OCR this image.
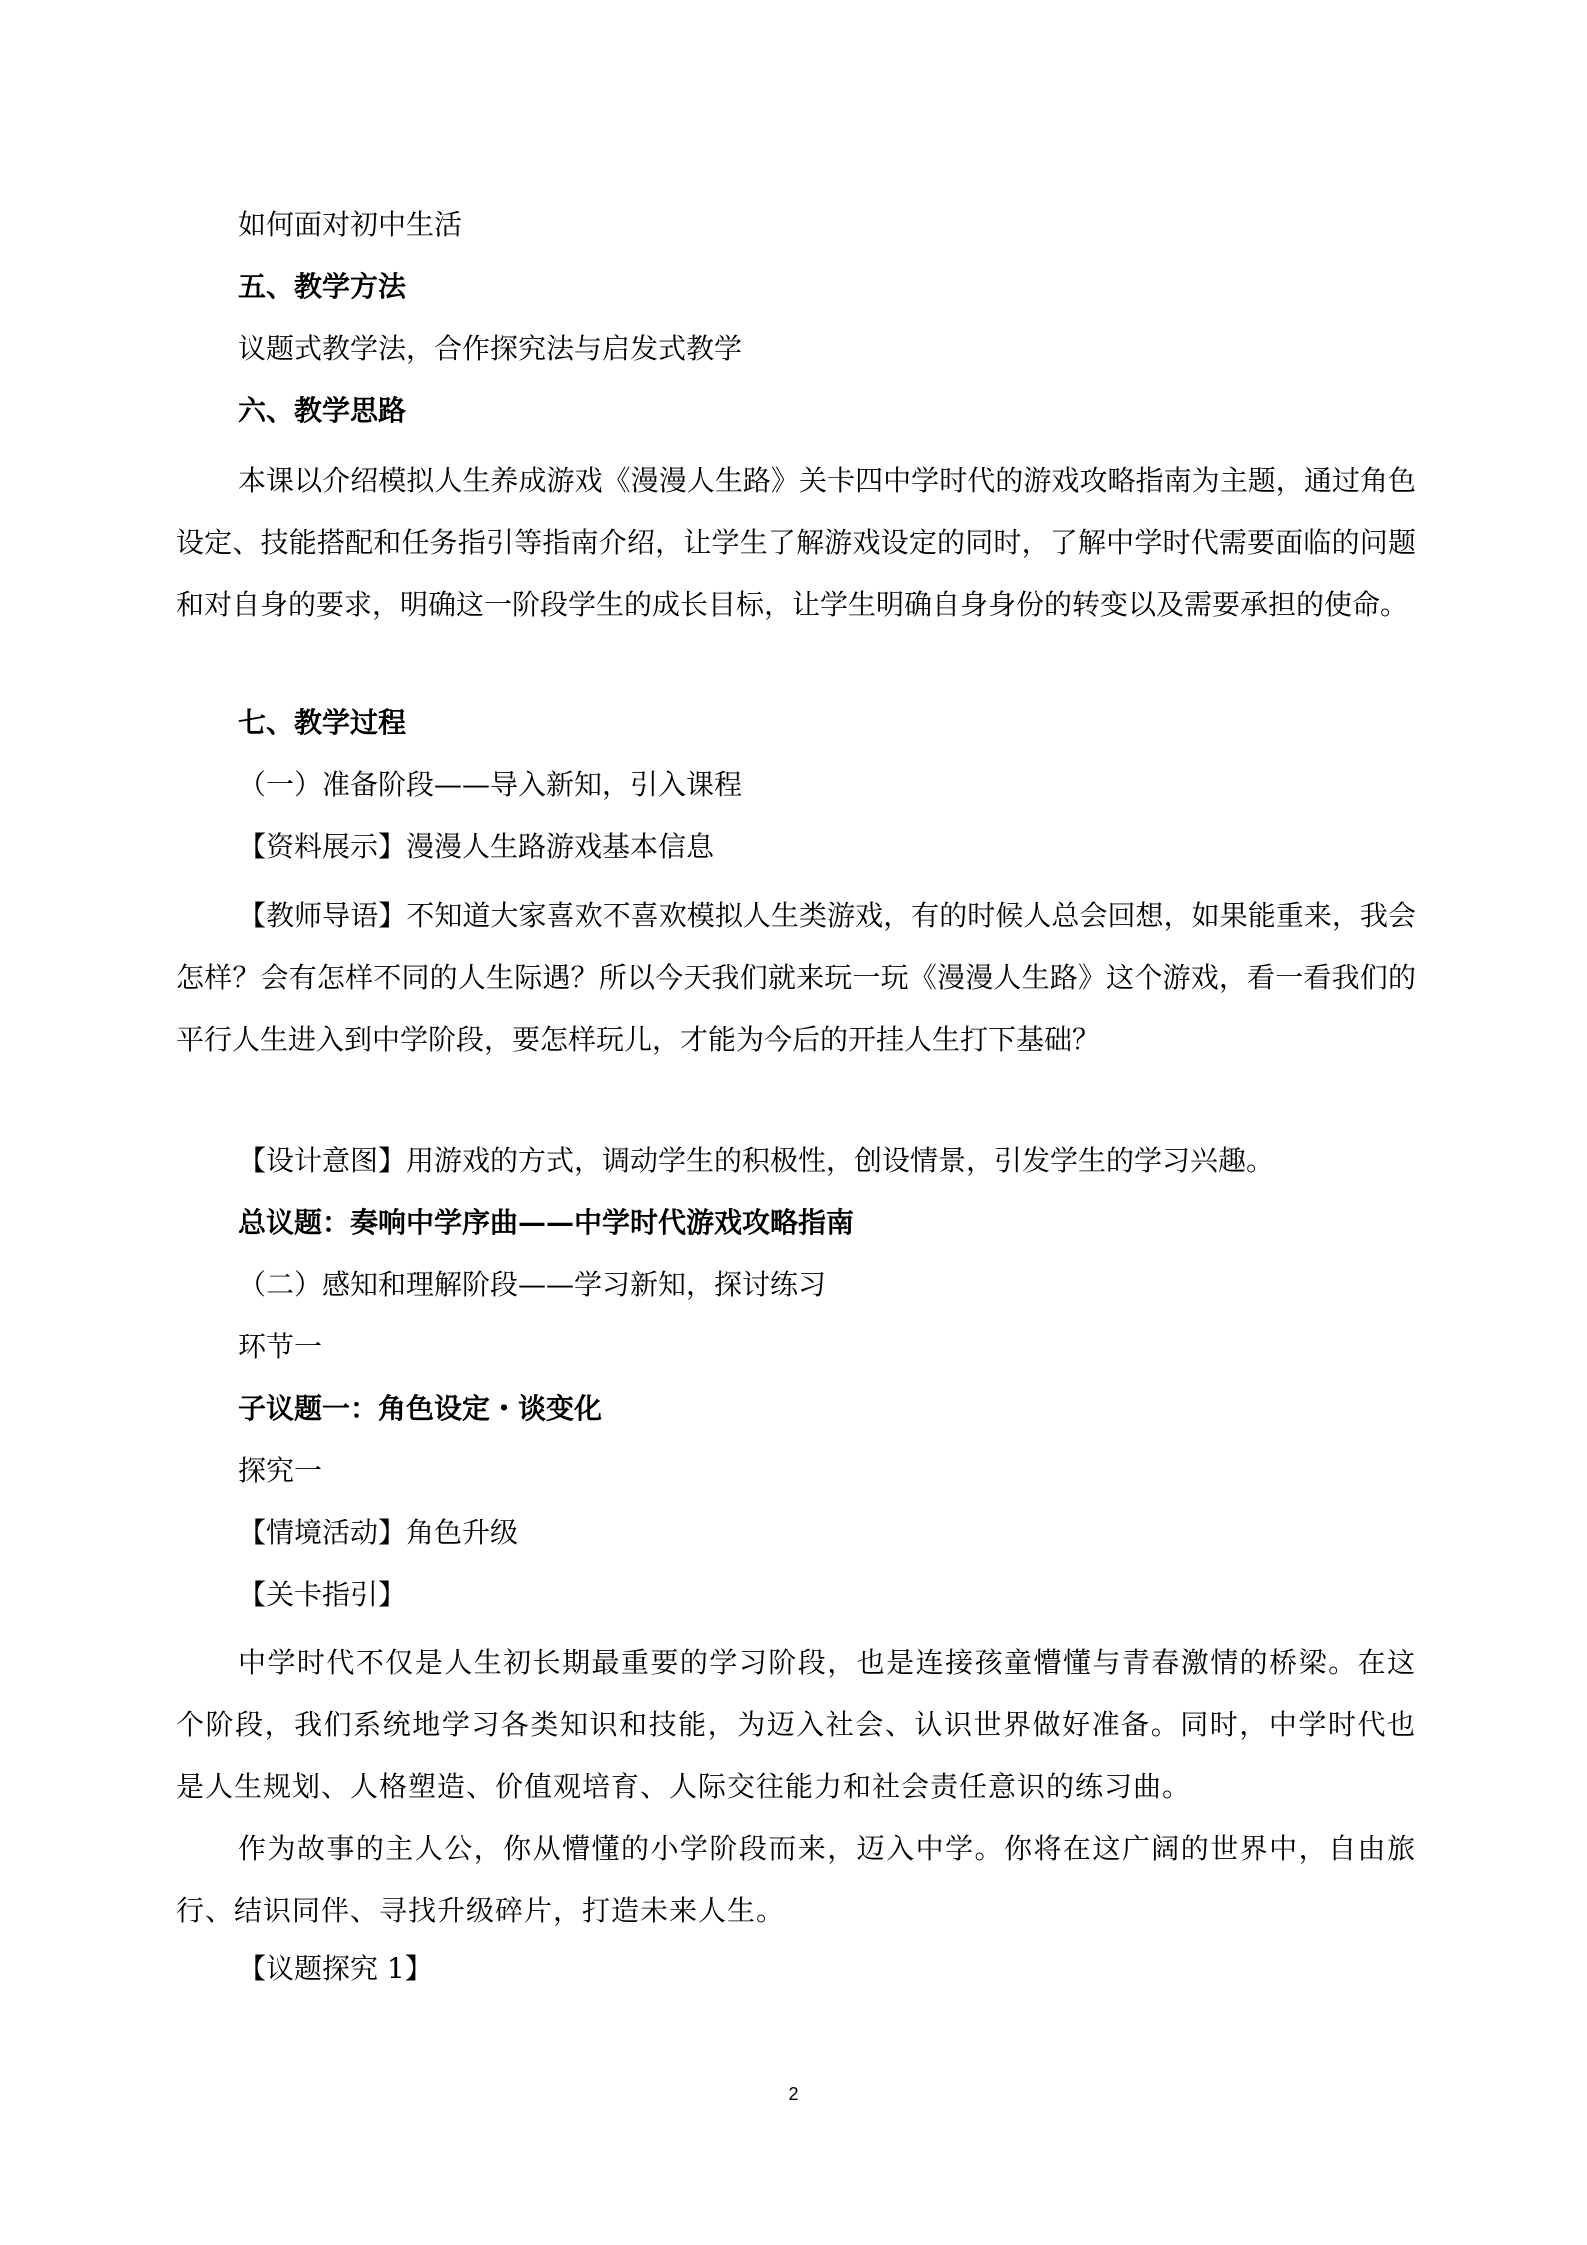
如何面对初中生活
五、教学方法
议题式教学法，合作探究法与启发式教学
六、教学思路
本课以介绍模拟人生养成游戏《漫漫人生路》关卡四中学时代的游戏攻略指南为主题，通过角色设定、技能搭配和任务指引等指南介绍，让学生了解游戏设定的同时，了解中学时代需要面临的问题和对自身的要求，明确这一阶段学生的成长目标，让学生明确自身身份的转变以及需要承担的使命。
七、教学过程
（一）准备阶段——导入新知，引入课程
【资料展示】漫漫人生路游戏基本信息
【教师导语】不知道大家喜欢不喜欢模拟人生类游戏，有的时候人总会回想，如果能重来，我会怎样？会有怎样不同的人生际遇？所以今天我们就来玩一玩《漫漫人生路》这个游戏，看一看我们的平行人生进入到中学阶段，要怎样玩儿，才能为今后的开挂人生打下基础？
【设计意图】用游戏的方式，调动学生的积极性，创设情景，引发学生的学习兴趣。
总议题：奏响中学序曲——中学时代游戏攻略指南
（二）感知和理解阶段——学习新知，探讨练习
环节一
子议题一：角色设定・谈变化
探究一
【情境活动】角色升级
【关卡指引】
中学时代不仅是人生初长期最重要的学习阶段，也是连接孩童懵懂与青春激情的桥梁。在这个阶段，我们系统地学习各类知识和技能，为迈入社会、认识世界做好准备。同时，中学时代也是人生规划、人格塑造、价值观培育、人际交往能力和社会责任意识的练习曲。
作为故事的主人公，你从懵懂的小学阶段而来，迈入中学。你将在这广阔的世界中，自由旅行、结识同伴、寻找升级碎片，打造未来人生。
【议题探究 1】
2
